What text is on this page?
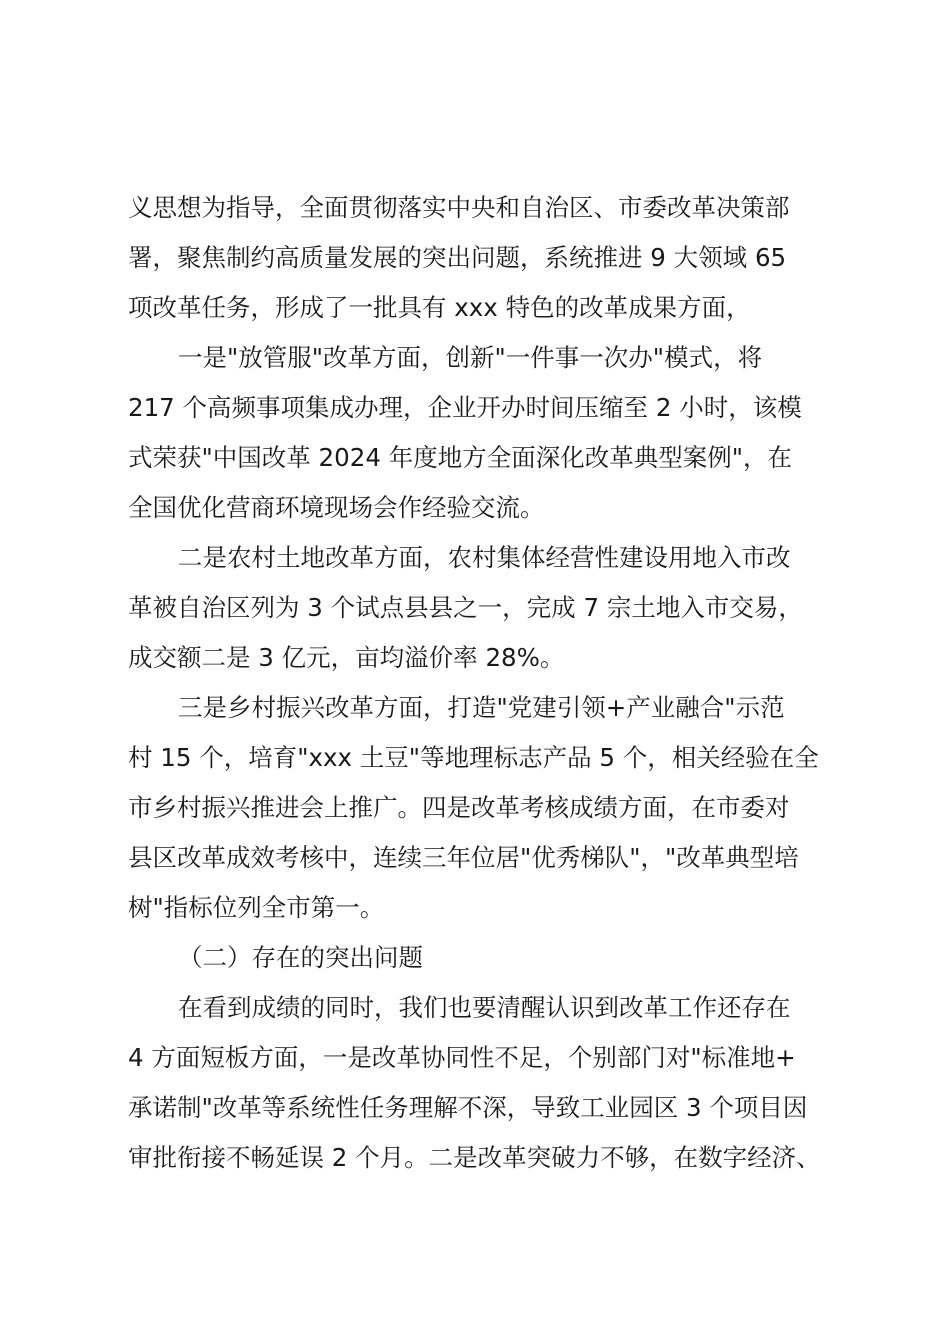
义思想为指导，全面贯彻落实中央和自治区、市委改革决策部
署，聚焦制约高质量发展的突出问题，系统推进 9 大领域 65
项改革任务，形成了一批具有 xxx 特色的改革成果方面，
一是"放管服"改革方面，创新"一件事一次办"模式，将
217 个高频事项集成办理，企业开办时间压缩至 2 小时，该模
式荣获"中国改革 2024 年度地方全面深化改革典型案例"，在
全国优化营商环境现场会作经验交流。
二是农村土地改革方面，农村集体经营性建设用地入市改
革被自治区列为 3 个试点县县之一，完成 7 宗土地入市交易，
成交额二是 3 亿元，亩均溢价率 28%。
三是乡村振兴改革方面，打造"党建引领+产业融合"示范
村 15 个，培育"xxx 土豆"等地理标志产品 5 个，相关经验在全
市乡村振兴推进会上推广。四是改革考核成绩方面，在市委对
县区改革成效考核中，连续三年位居"优秀梯队"，"改革典型培
树"指标位列全市第一。
（二）存在的突出问题
在看到成绩的同时，我们也要清醒认识到改革工作还存在
4 方面短板方面，一是改革协同性不足，个别部门对"标准地+
承诺制"改革等系统性任务理解不深，导致工业园区 3 个项目因
审批衔接不畅延误 2 个月。二是改革突破力不够，在数字经济、
